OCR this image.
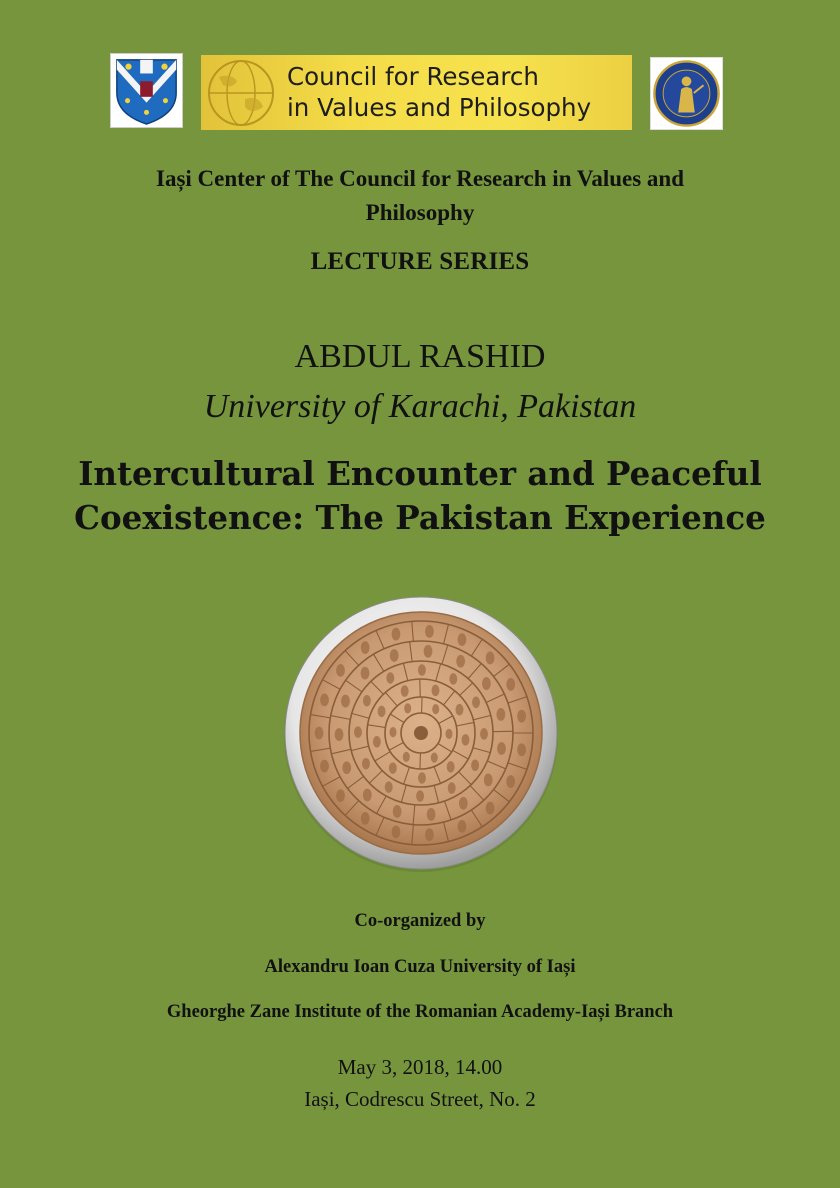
Council for Research
in Values and Philosophy
Iași Center of The Council for Research in Values and
Philosophy
LECTURE SERIES
ABDUL RASHID
University of Karachi, Pakistan
Intercultural Encounter and Peaceful
Coexistence: The Pakistan Experience
Co-organized by
Alexandru Ioan Cuza University of Iași
Gheorghe Zane Institute of the Romanian Academy-Iași Branch
May 3, 2018, 14.00
Iași, Codrescu Street, No. 2
